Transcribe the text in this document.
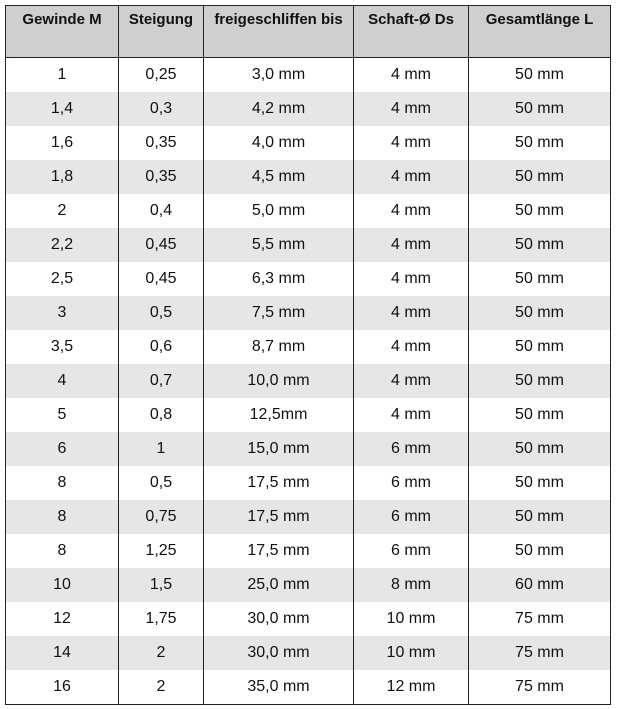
Gewinde M	Steigung	freigeschliffen bis	Schaft-Ø Ds	Gesamtlänge L
1	0,25	3,0 mm	4 mm	50 mm
1,4	0,3	4,2 mm	4 mm	50 mm
1,6	0,35	4,0 mm	4 mm	50 mm
1,8	0,35	4,5 mm	4 mm	50 mm
2	0,4	5,0 mm	4 mm	50 mm
2,2	0,45	5,5 mm	4 mm	50 mm
2,5	0,45	6,3 mm	4 mm	50 mm
3	0,5	7,5 mm	4 mm	50 mm
3,5	0,6	8,7 mm	4 mm	50 mm
4	0,7	10,0 mm	4 mm	50 mm
5	0,8	12,5mm	4 mm	50 mm
6	1	15,0 mm	6 mm	50 mm
8	0,5	17,5 mm	6 mm	50 mm
8	0,75	17,5 mm	6 mm	50 mm
8	1,25	17,5 mm	6 mm	50 mm
10	1,5	25,0 mm	8 mm	60 mm
12	1,75	30,0 mm	10 mm	75 mm
14	2	30,0 mm	10 mm	75 mm
16	2	35,0 mm	12 mm	75 mm
